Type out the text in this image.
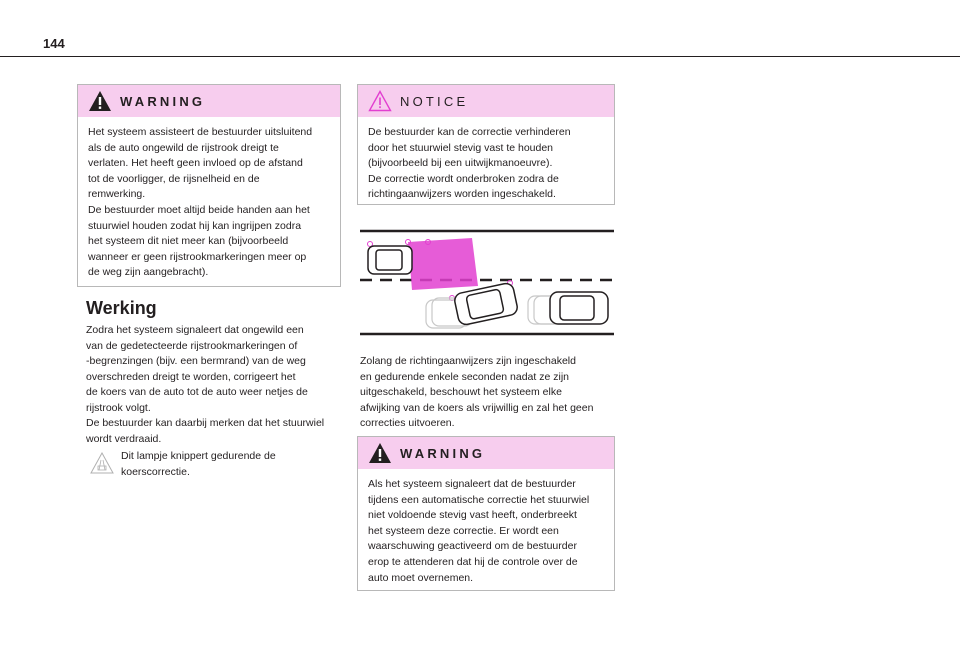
144
WARNING
Het systeem assisteert de bestuurder uitsluitend
als de auto ongewild de rijstrook dreigt te
verlaten. Het heeft geen invloed op de afstand
tot de voorligger, de rijsnelheid en de
remwerking.
De bestuurder moet altijd beide handen aan het
stuurwiel houden zodat hij kan ingrijpen zodra
het systeem dit niet meer kan (bijvoorbeeld
wanneer er geen rijstrookmarkeringen meer op
de weg zijn aangebracht).
Werking
Zodra het systeem signaleert dat ongewild een
van de gedetecteerde rijstrookmarkeringen of
-begrenzingen (bijv. een bermrand) van de weg
overschreden dreigt te worden, corrigeert het
de koers van de auto tot de auto weer netjes de
rijstrook volgt.
De bestuurder kan daarbij merken dat het stuurwiel
wordt verdraaid.
Dit lampje knippert gedurende de
koerscorrectie.
NOTICE
De bestuurder kan de correctie verhinderen
door het stuurwiel stevig vast te houden
(bijvoorbeeld bij een uitwijkmanoeuvre).
De correctie wordt onderbroken zodra de
richtingaanwijzers worden ingeschakeld.
Zolang de richtingaanwijzers zijn ingeschakeld
en gedurende enkele seconden nadat ze zijn
uitgeschakeld, beschouwt het systeem elke
afwijking van de koers als vrijwillig en zal het geen
correcties uitvoeren.
WARNING
Als het systeem signaleert dat de bestuurder
tijdens een automatische correctie het stuurwiel
niet voldoende stevig vast heeft, onderbreekt
het systeem deze correctie. Er wordt een
waarschuwing geactiveerd om de bestuurder
erop te attenderen dat hij de controle over de
auto moet overnemen.
